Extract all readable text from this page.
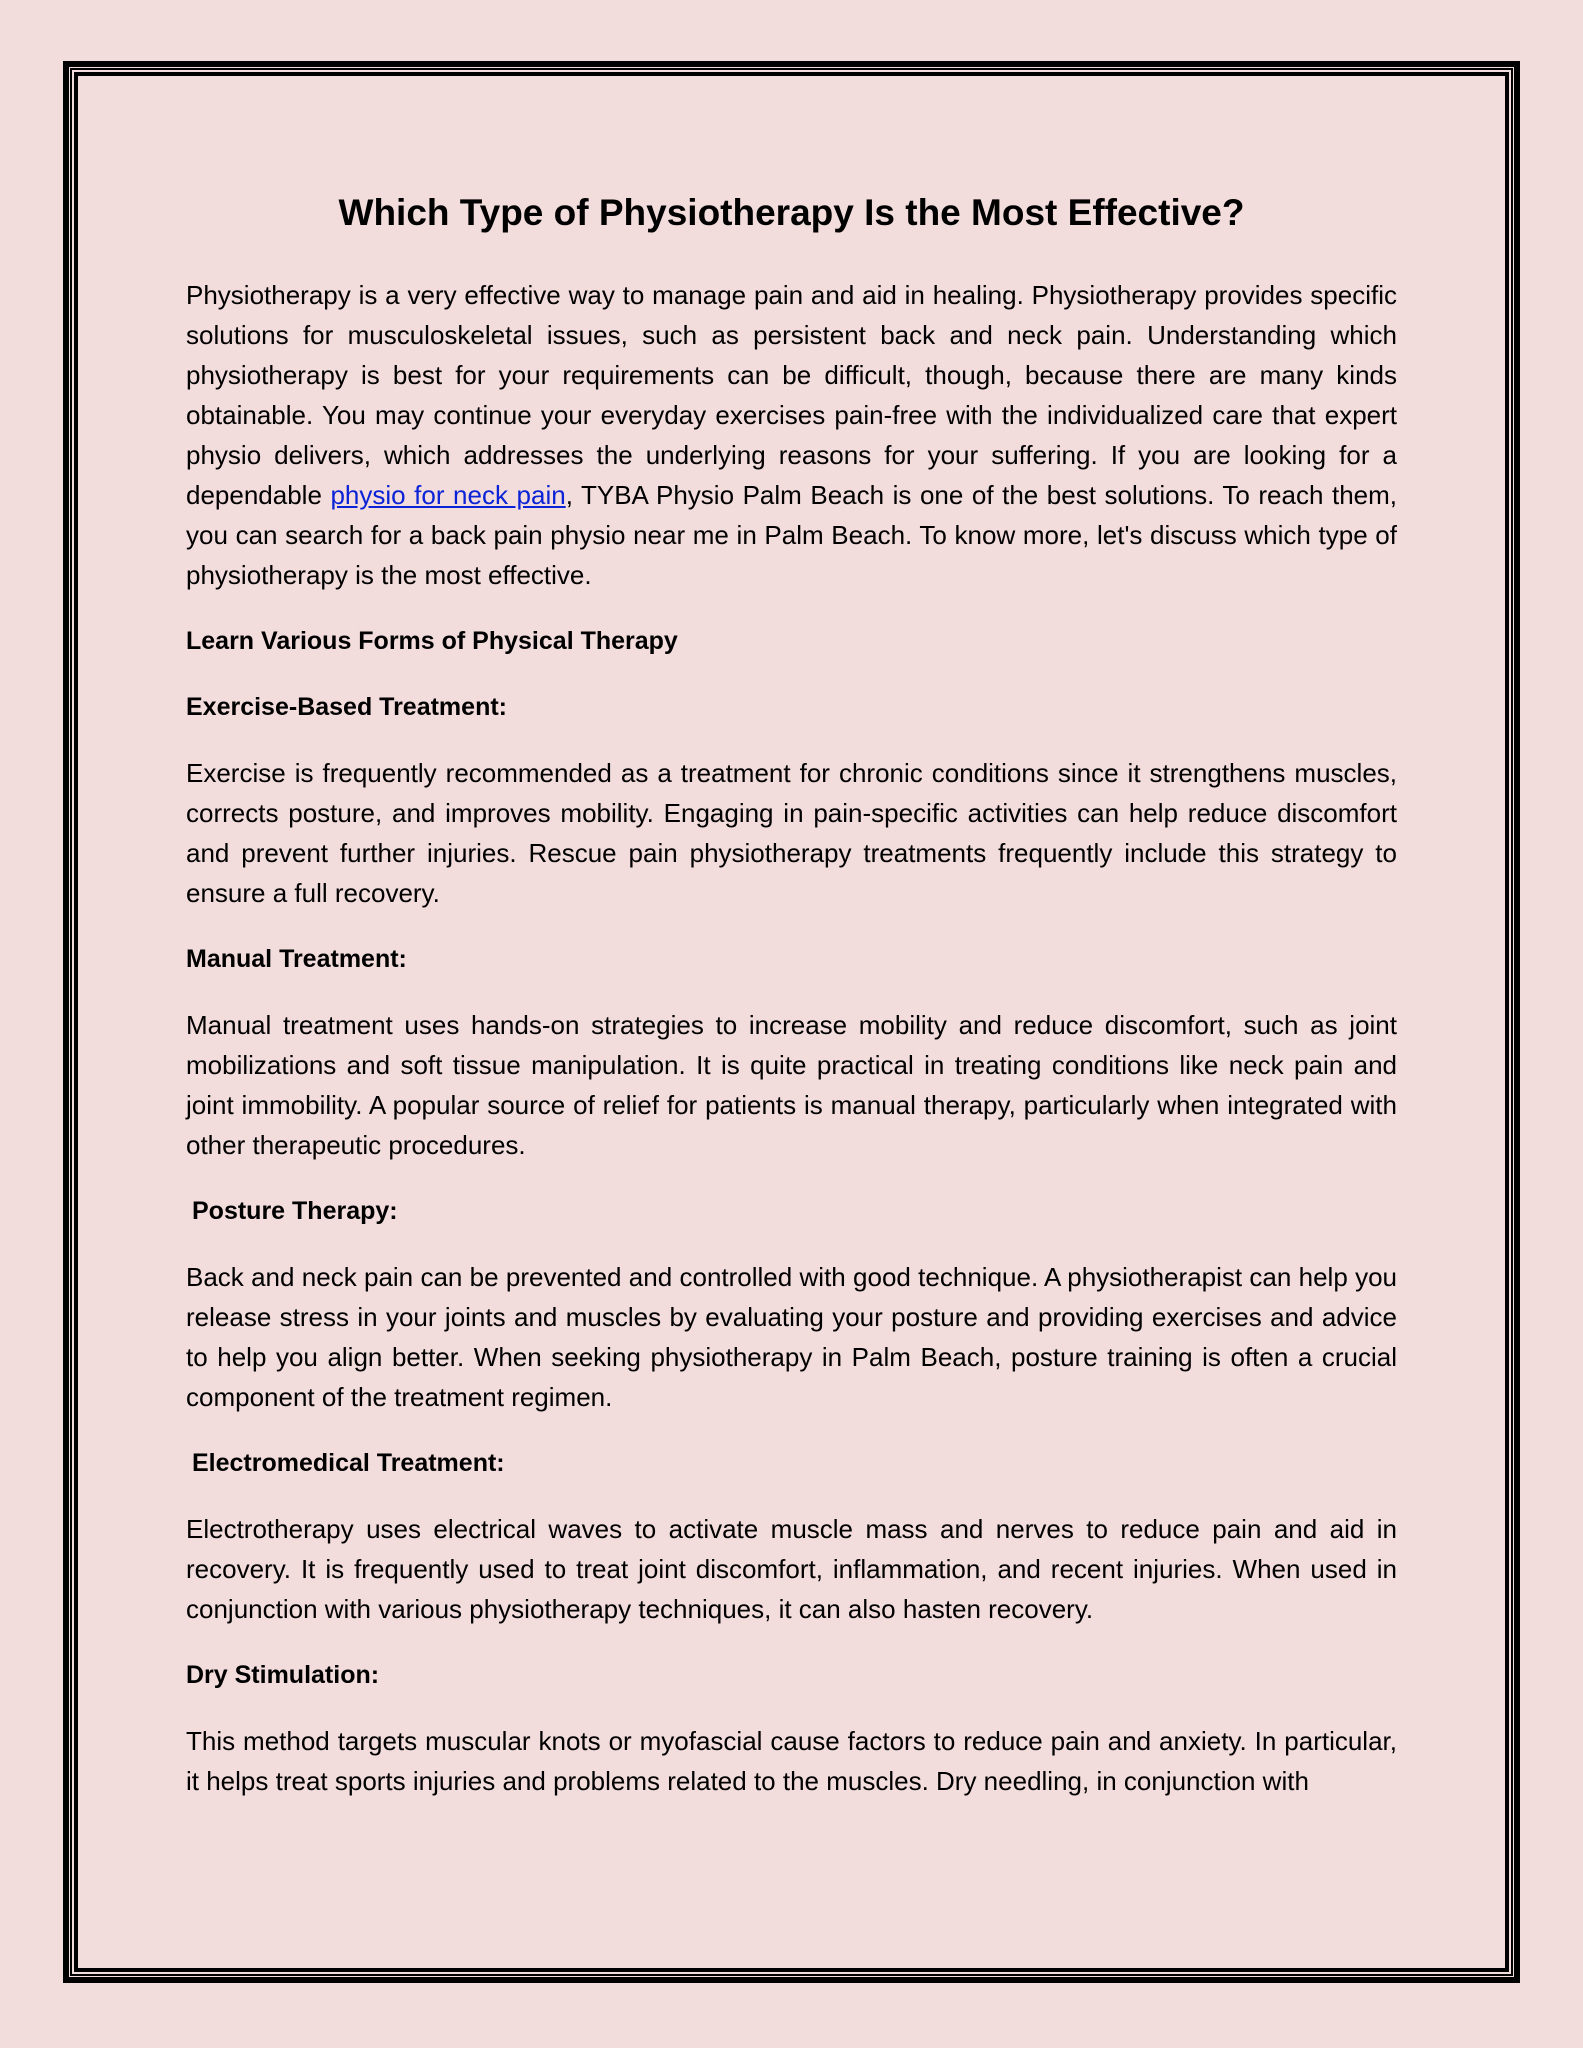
Which Type of Physiotherapy Is the Most Effective?

Physiotherapy is a very effective way to manage pain and aid in healing. Physiotherapy provides specific solutions for musculoskeletal issues, such as persistent back and neck pain. Understanding which physiotherapy is best for your requirements can be difficult, though, because there are many kinds obtainable. You may continue your everyday exercises pain-free with the individualized care that expert physio delivers, which addresses the underlying reasons for your suffering. If you are looking for a dependable physio for neck pain, TYBA Physio Palm Beach is one of the best solutions. To reach them, you can search for a back pain physio near me in Palm Beach. To know more, let's discuss which type of physiotherapy is the most effective.

Learn Various Forms of Physical Therapy
Exercise-Based Treatment:

Exercise is frequently recommended as a treatment for chronic conditions since it strengthens muscles, corrects posture, and improves mobility. Engaging in pain-specific activities can help reduce discomfort and prevent further injuries. Rescue pain physiotherapy treatments frequently include this strategy to ensure a full recovery.

Manual Treatment:

Manual treatment uses hands-on strategies to increase mobility and reduce discomfort, such as joint mobilizations and soft tissue manipulation. It is quite practical in treating conditions like neck pain and joint immobility. A popular source of relief for patients is manual therapy, particularly when integrated with other therapeutic procedures.

Posture Therapy:

Back and neck pain can be prevented and controlled with good technique. A physiotherapist can help you release stress in your joints and muscles by evaluating your posture and providing exercises and advice to help you align better. When seeking physiotherapy in Palm Beach, posture training is often a crucial component of the treatment regimen.

Electromedical Treatment:

Electrotherapy uses electrical waves to activate muscle mass and nerves to reduce pain and aid in recovery. It is frequently used to treat joint discomfort, inflammation, and recent injuries. When used in conjunction with various physiotherapy techniques, it can also hasten recovery.

Dry Stimulation:

This method targets muscular knots or myofascial cause factors to reduce pain and anxiety. In particular, it helps treat sports injuries and problems related to the muscles. Dry needling, in conjunction with
